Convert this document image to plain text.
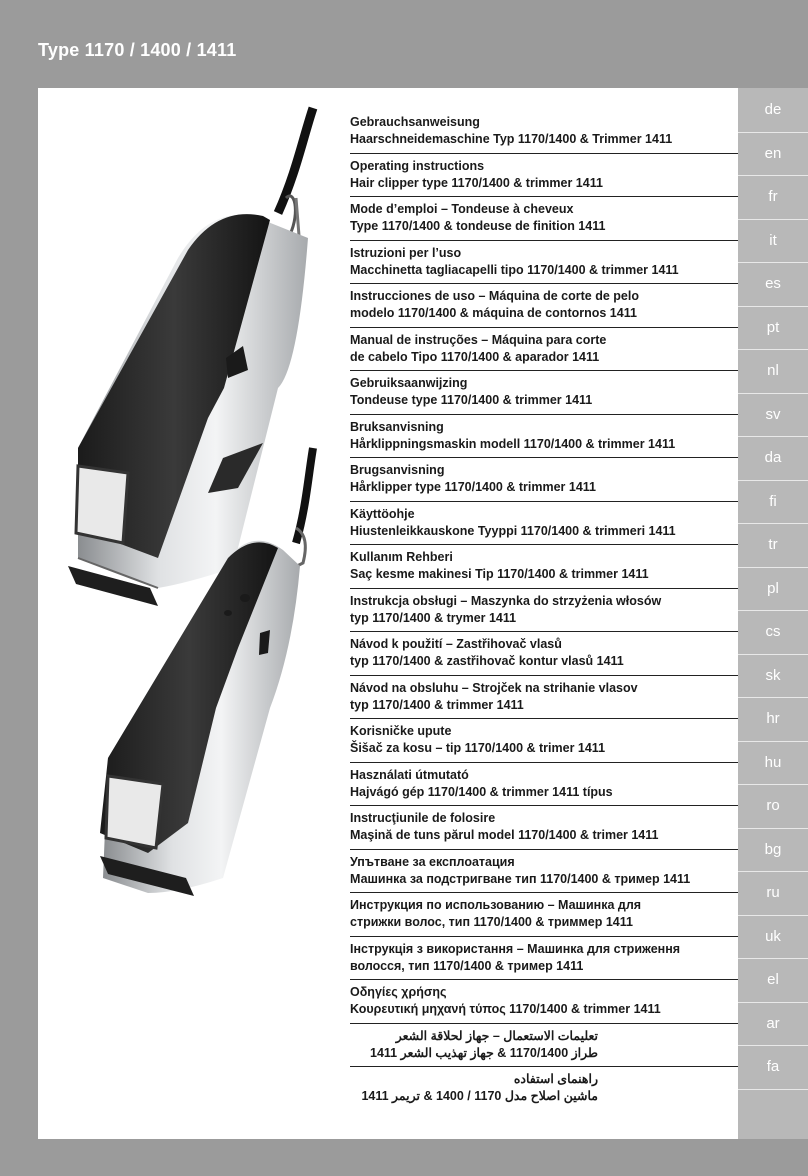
Type 1170 / 1400 / 1411
de
en
fr
it
es
pt
nl
sv
da
fi
tr
pl
cs
sk
hr
hu
ro
bg
ru
uk
el
ar
fa
Gebrauchsanweisung
Haarschneidemaschine Typ 1170/1400 & Trimmer 1411
Operating instructions
Hair clipper type 1170/1400 & trimmer 1411
Mode d’emploi – Tondeuse à cheveux
Type 1170/1400 & tondeuse de finition 1411
Istruzioni per l’uso
Macchinetta tagliacapelli tipo 1170/1400 & trimmer 1411
Instrucciones de uso – Máquina de corte de pelo
modelo 1170/1400 & máquina de contornos 1411
Manual de instruções – Máquina para corte
de cabelo Tipo 1170/1400 & aparador 1411
Gebruiksaanwijzing
Tondeuse type 1170/1400 & trimmer 1411
Bruksanvisning
Hårklippningsmaskin modell 1170/1400 & trimmer 1411
Brugsanvisning
Hårklipper type 1170/1400 & trimmer 1411
Käyttöohje
Hiustenleikkauskone Tyyppi 1170/1400 & trimmeri 1411
Kullanım Rehberi
Saç kesme makinesi Tip 1170/1400 & trimmer 1411
Instrukcja obsługi – Maszynka do strzyżenia włosów
typ 1170/1400 & trymer 1411
Návod k použití – Zastřihovač vlasů
typ 1170/1400 & zastřihovač kontur vlasů 1411
Návod na obsluhu – Strojček na strihanie vlasov
typ 1170/1400 & trimmer 1411
Korisničke upute
Šišač za kosu – tip 1170/1400 & trimer 1411
Használati útmutató
Hajvágó gép 1170/1400 & trimmer 1411 típus
Instrucţiunile de folosire
Maşină de tuns părul model 1170/1400 & trimer 1411
Упътване за експлоатация
Машинка за подстригване тип 1170/1400 & тример 1411
Инструкция по использованию – Машинка для
стрижки волос, тип 1170/1400 & триммер 1411
Інструкція з використання – Машинка для стриження
волосся, тип 1170/1400 & тример 1411
Οδηγίες χρήσης
Κουρευτική μηχανή τύπος 1170/1400 & trimmer 1411
تعليمات الاستعمال – جهاز لحلاقة الشعر
طراز 1170/1400 & جهاز تهذيب الشعر 1411
راهنمای استفاده
ماشین اصلاح مدل 1170 / 1400 & تریمر 1411
